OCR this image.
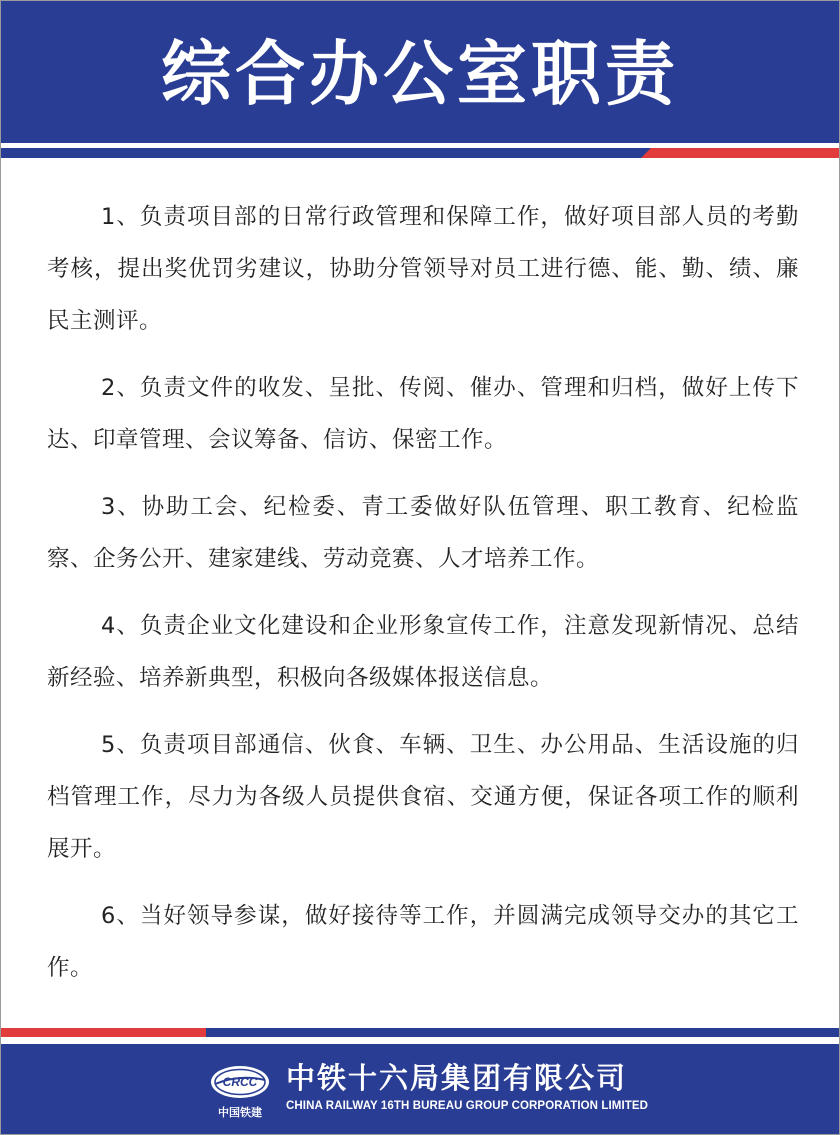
综合办公室职责

1、负责项目部的日常行政管理和保障工作，做好项目部人员的考勤考核，提出奖优罚劣建议，协助分管领导对员工进行德、能、勤、绩、廉民主测评。

2、负责文件的收发、呈批、传阅、催办、管理和归档，做好上传下达、印章管理、会议筹备、信访、保密工作。

3、协助工会、纪检委、青工委做好队伍管理、职工教育、纪检监察、企务公开、建家建线、劳动竞赛、人才培养工作。

4、负责企业文化建设和企业形象宣传工作，注意发现新情况、总结新经验、培养新典型，积极向各级媒体报送信息。

5、负责项目部通信、伙食、车辆、卫生、办公用品、生活设施的归档管理工作，尽力为各级人员提供食宿、交通方便，保证各项工作的顺利展开。

6、当好领导参谋，做好接待等工作，并圆满完成领导交办的其它工作。

CRCC
中国铁建
中铁十六局集团有限公司
CHINA RAILWAY 16TH BUREAU GROUP CORPORATION LIMITED
